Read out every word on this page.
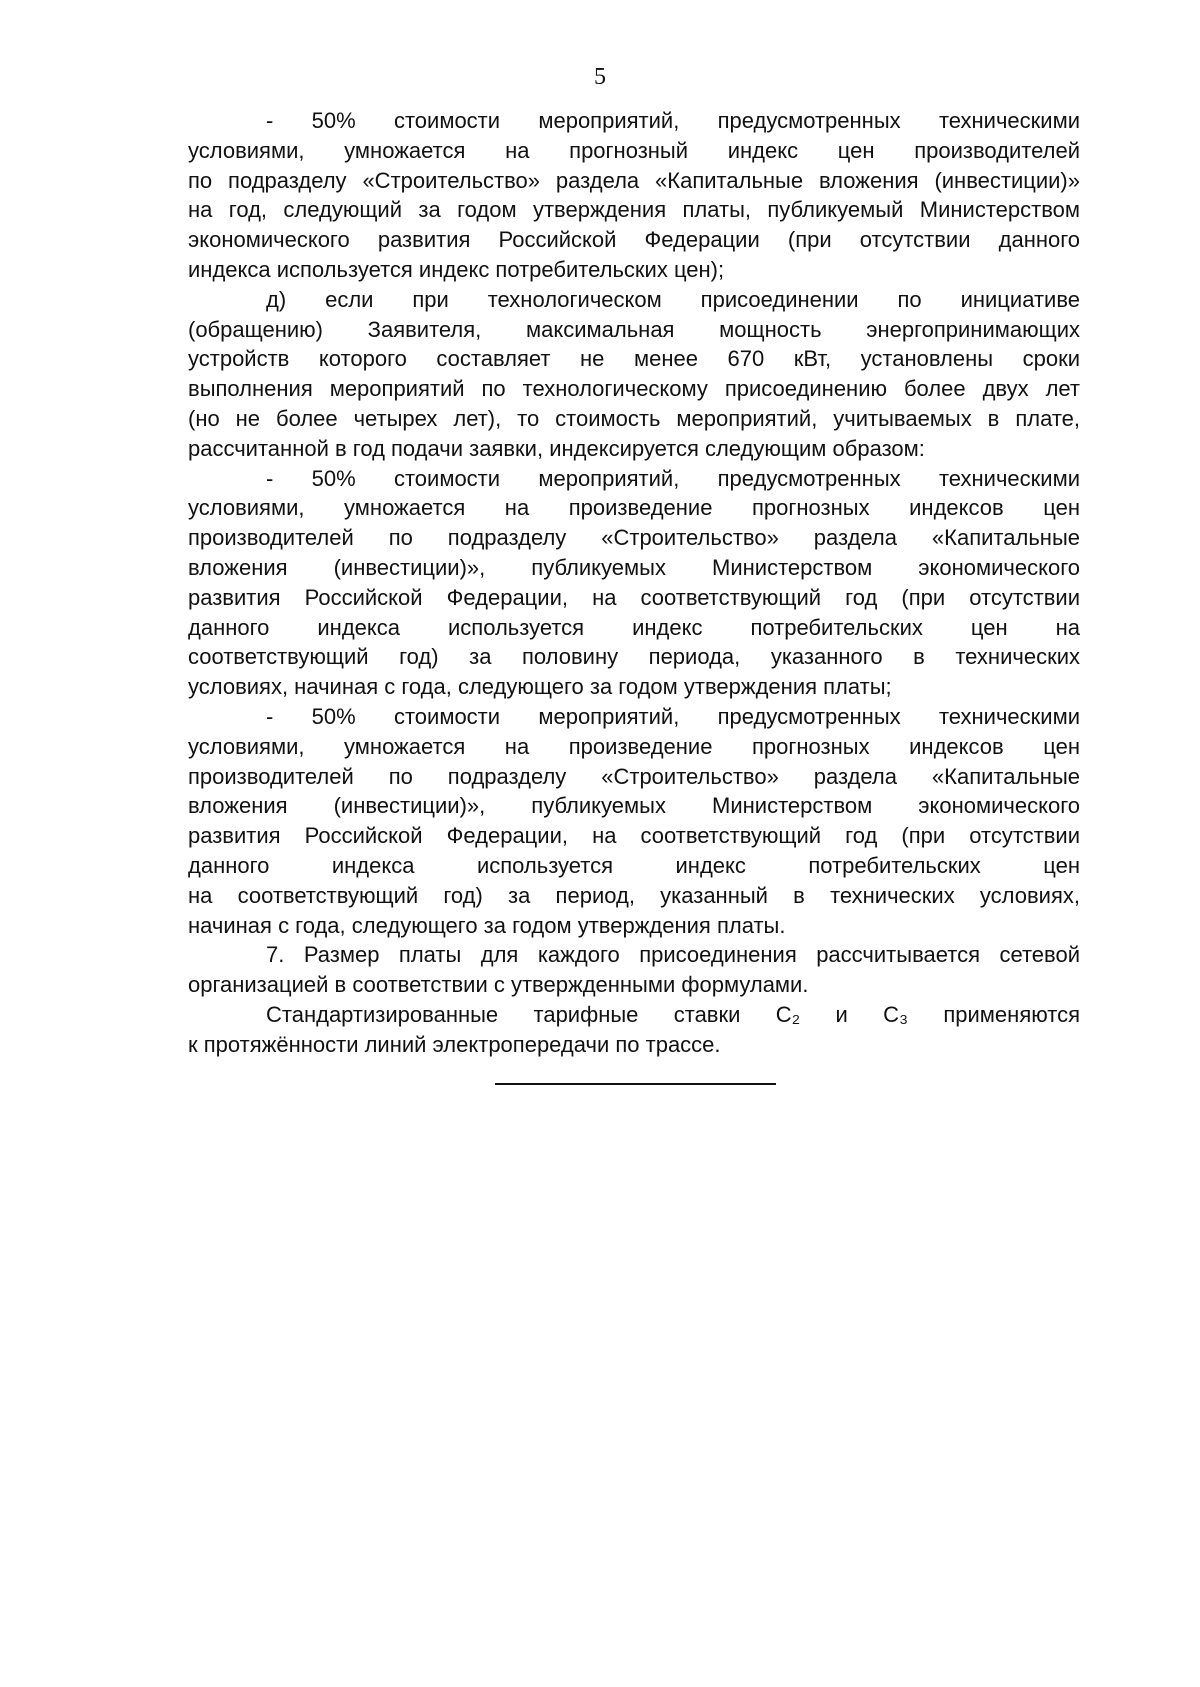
5
- 50% стоимости мероприятий, предусмотренных техническими
условиями, умножается на прогнозный индекс цен производителей
по подразделу «Строительство» раздела «Капитальные вложения (инвестиции)»
на год, следующий за годом утверждения платы, публикуемый Министерством
экономического развития Российской Федерации (при отсутствии данного
индекса используется индекс потребительских цен);
д) если при технологическом присоединении по инициативе
(обращению) Заявителя, максимальная мощность энергопринимающих
устройств которого составляет не менее 670 кВт, установлены сроки
выполнения мероприятий по технологическому присоединению более двух лет
(но не более четырех лет), то стоимость мероприятий, учитываемых в плате,
рассчитанной в год подачи заявки, индексируется следующим образом:
- 50% стоимости мероприятий, предусмотренных техническими
условиями, умножается на произведение прогнозных индексов цен
производителей по подразделу «Строительство» раздела «Капитальные
вложения (инвестиции)», публикуемых Министерством экономического
развития Российской Федерации, на соответствующий год (при отсутствии
данного индекса используется индекс потребительских цен на
соответствующий год) за половину периода, указанного в технических
условиях, начиная с года, следующего за годом утверждения платы;
- 50% стоимости мероприятий, предусмотренных техническими
условиями, умножается на произведение прогнозных индексов цен
производителей по подразделу «Строительство» раздела «Капитальные
вложения (инвестиции)», публикуемых Министерством экономического
развития Российской Федерации, на соответствующий год (при отсутствии
данного индекса используется индекс потребительских цен
на соответствующий год) за период, указанный в технических условиях,
начиная с года, следующего за годом утверждения платы.
7. Размер платы для каждого присоединения рассчитывается сетевой
организацией в соответствии с утвержденными формулами.
Стандартизированные тарифные ставки С₂ и С₃ применяются
к протяжённости линий электропередачи по трассе.
